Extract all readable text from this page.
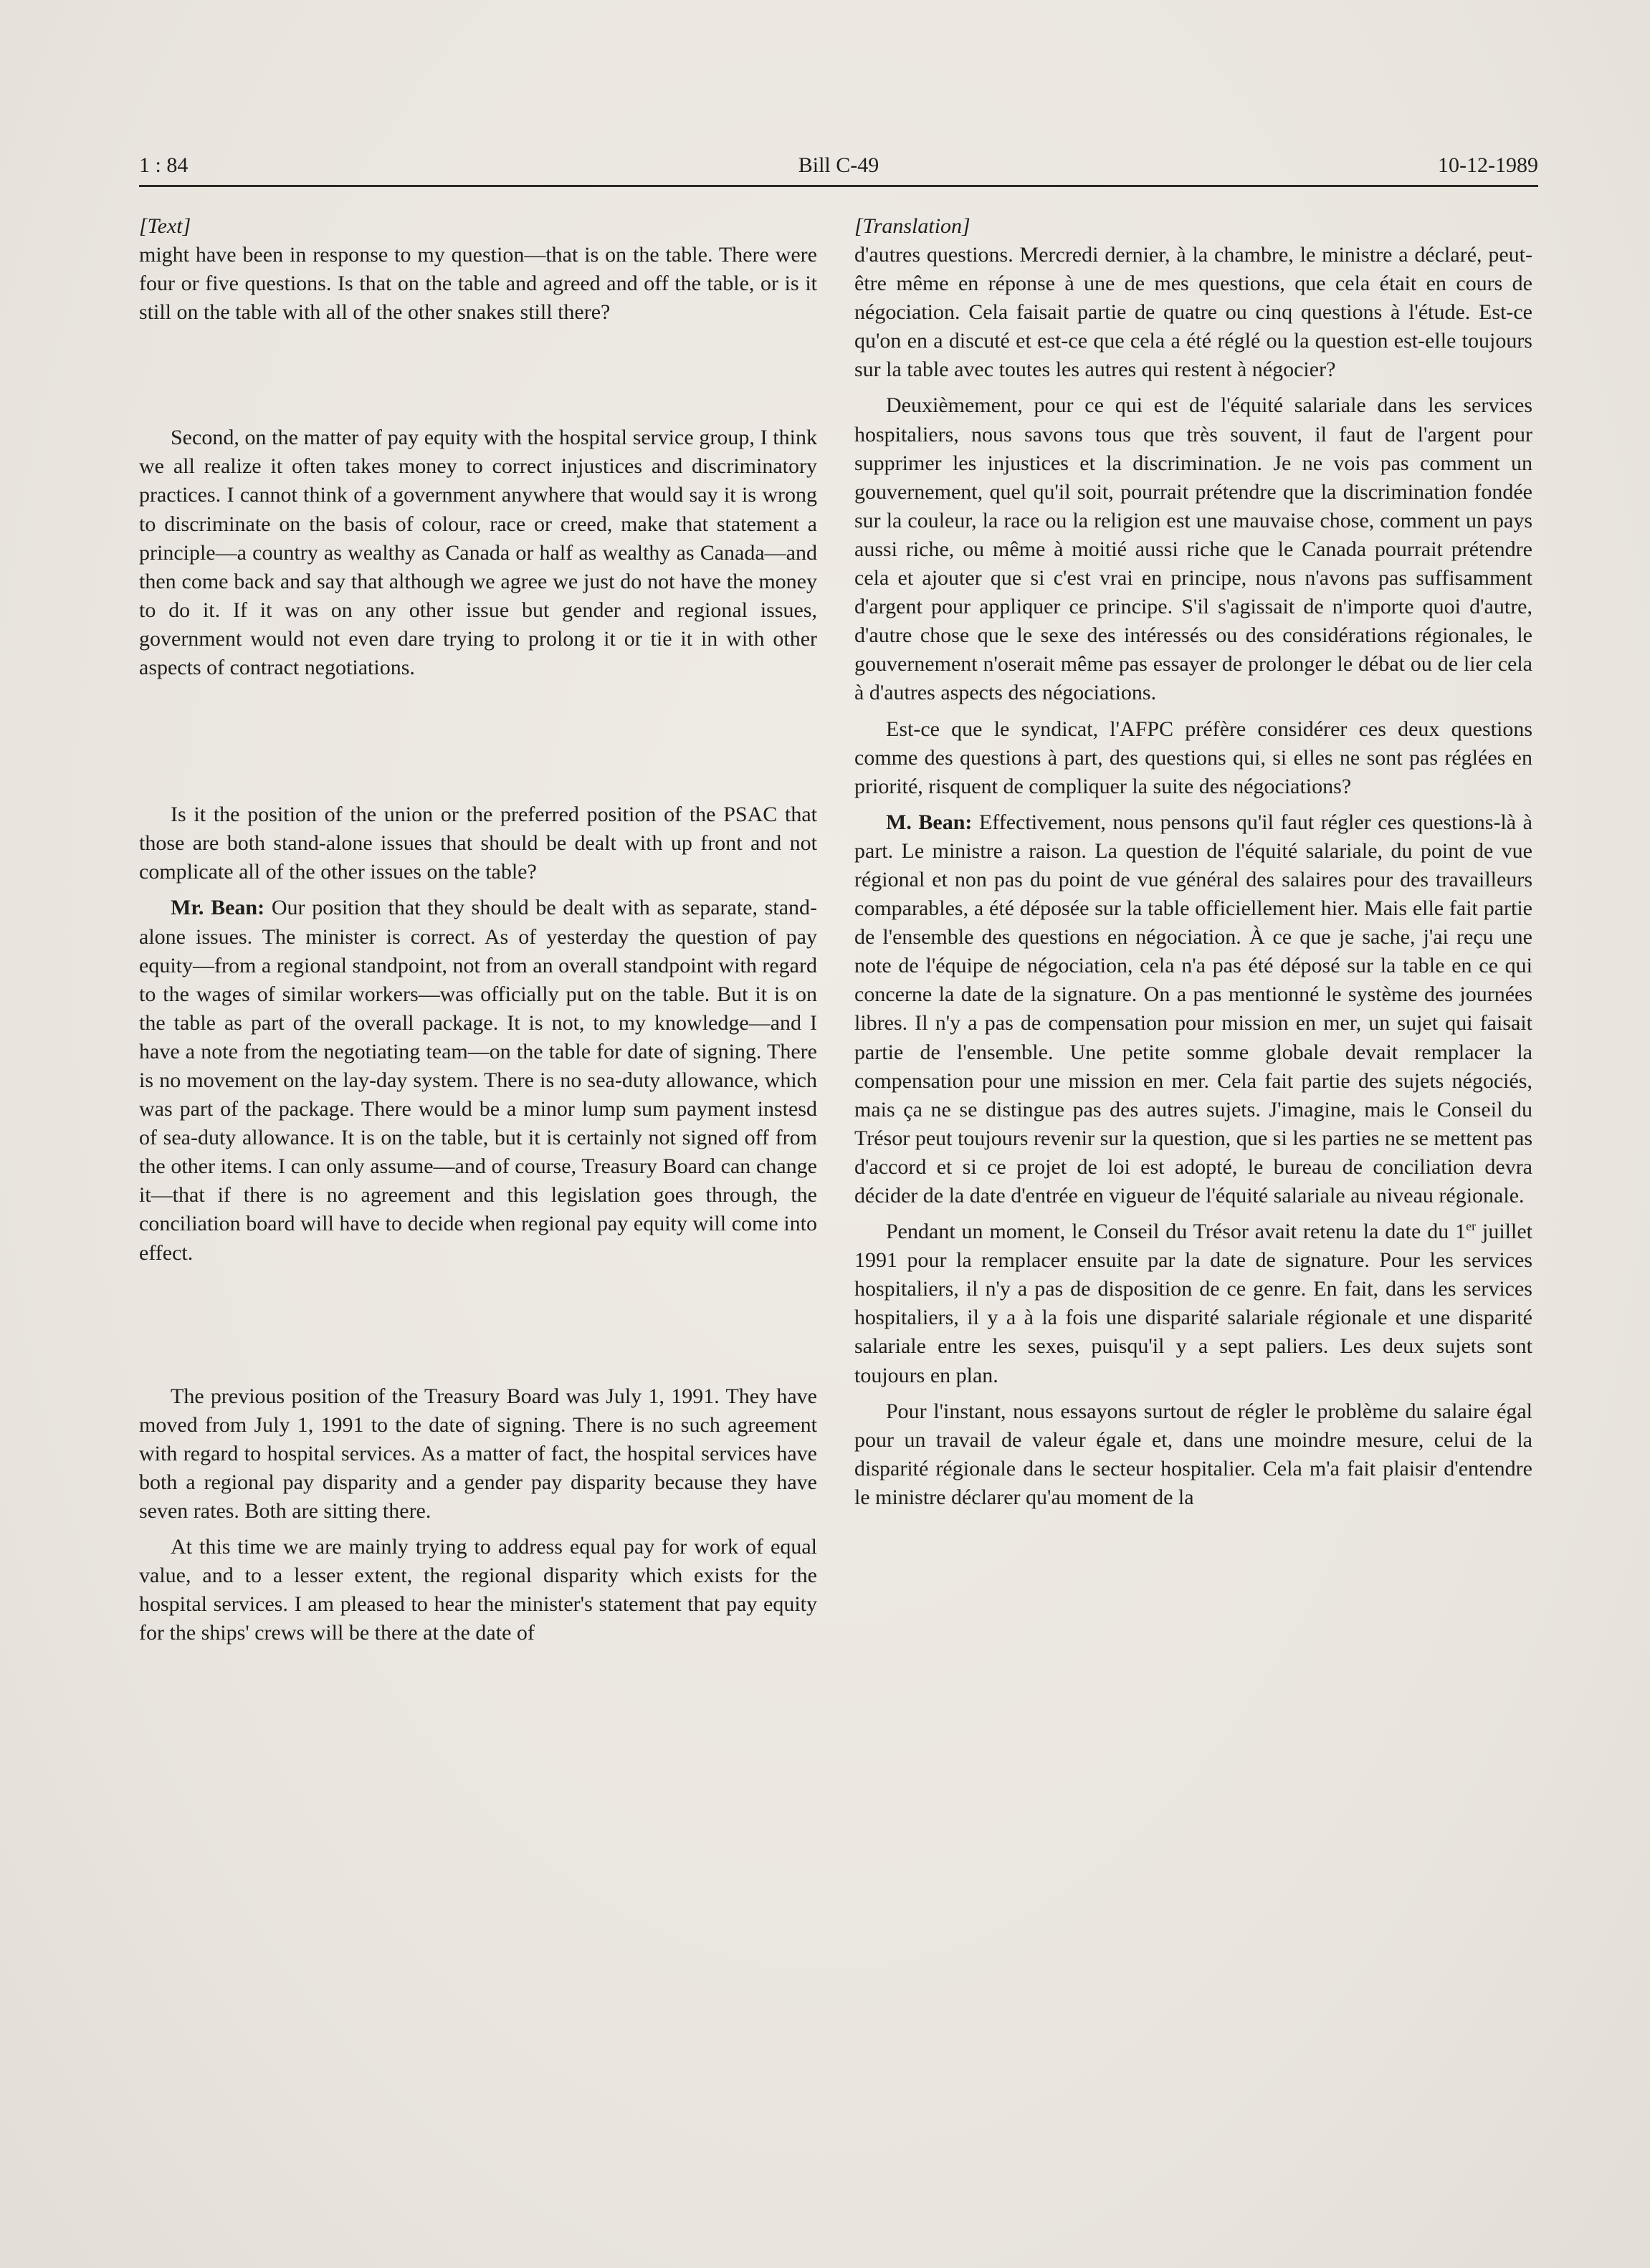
1 : 84	Bill C-49	10-12-1989

[Text]

might have been in response to my question—that is on the table. There were four or five questions. Is that on the table and agreed and off the table, or is it still on the table with all of the other snakes still there?

Second, on the matter of pay equity with the hospital service group, I think we all realize it often takes money to correct injustices and discriminatory practices. I cannot think of a government anywhere that would say it is wrong to discriminate on the basis of colour, race or creed, make that statement a principle—a country as wealthy as Canada or half as wealthy as Canada—and then come back and say that although we agree we just do not have the money to do it. If it was on any other issue but gender and regional issues, government would not even dare trying to prolong it or tie it in with other aspects of contract negotiations.

Is it the position of the union or the preferred position of the PSAC that those are both stand-alone issues that should be dealt with up front and not complicate all of the other issues on the table?

Mr. Bean: Our position that they should be dealt with as separate, stand-alone issues. The minister is correct. As of yesterday the question of pay equity—from a regional standpoint, not from an overall standpoint with regard to the wages of similar workers—was officially put on the table. But it is on the table as part of the overall package. It is not, to my knowledge—and I have a note from the negotiating team—on the table for date of signing. There is no movement on the lay-day system. There is no sea-duty allowance, which was part of the package. There would be a minor lump sum payment instesd of sea-duty allowance. It is on the table, but it is certainly not signed off from the other items. I can only assume—and of course, Treasury Board can change it—that if there is no agreement and this legislation goes through, the conciliation board will have to decide when regional pay equity will come into effect.

The previous position of the Treasury Board was July 1, 1991. They have moved from July 1, 1991 to the date of signing. There is no such agreement with regard to hospital services. As a matter of fact, the hospital services have both a regional pay disparity and a gender pay disparity because they have seven rates. Both are sitting there.

At this time we are mainly trying to address equal pay for work of equal value, and to a lesser extent, the regional disparity which exists for the hospital services. I am pleased to hear the minister's statement that pay equity for the ships' crews will be there at the date of

[Translation]

d'autres questions. Mercredi dernier, à la chambre, le ministre a déclaré, peut-être même en réponse à une de mes questions, que cela était en cours de négociation. Cela faisait partie de quatre ou cinq questions à l'étude. Est-ce qu'on en a discuté et est-ce que cela a été réglé ou la question est-elle toujours sur la table avec toutes les autres qui restent à négocier?

Deuxièmement, pour ce qui est de l'équité salariale dans les services hospitaliers, nous savons tous que très souvent, il faut de l'argent pour supprimer les injustices et la discrimination. Je ne vois pas comment un gouvernement, quel qu'il soit, pourrait prétendre que la discrimination fondée sur la couleur, la race ou la religion est une mauvaise chose, comment un pays aussi riche, ou même à moitié aussi riche que le Canada pourrait prétendre cela et ajouter que si c'est vrai en principe, nous n'avons pas suffisamment d'argent pour appliquer ce principe. S'il s'agissait de n'importe quoi d'autre, d'autre chose que le sexe des intéressés ou des considérations régionales, le gouvernement n'oserait même pas essayer de prolonger le débat ou de lier cela à d'autres aspects des négociations.

Est-ce que le syndicat, l'AFPC préfère considérer ces deux questions comme des questions à part, des questions qui, si elles ne sont pas réglées en priorité, risquent de compliquer la suite des négociations?

M. Bean: Effectivement, nous pensons qu'il faut régler ces questions-là à part. Le ministre a raison. La question de l'équité salariale, du point de vue régional et non pas du point de vue général des salaires pour des travailleurs comparables, a été déposée sur la table officiellement hier. Mais elle fait partie de l'ensemble des questions en négociation. À ce que je sache, j'ai reçu une note de l'équipe de négociation, cela n'a pas été déposé sur la table en ce qui concerne la date de la signature. On a pas mentionné le système des journées libres. Il n'y a pas de compensation pour mission en mer, un sujet qui faisait partie de l'ensemble. Une petite somme globale devait remplacer la compensation pour une mission en mer. Cela fait partie des sujets négociés, mais ça ne se distingue pas des autres sujets. J'imagine, mais le Conseil du Trésor peut toujours revenir sur la question, que si les parties ne se mettent pas d'accord et si ce projet de loi est adopté, le bureau de conciliation devra décider de la date d'entrée en vigueur de l'équité salariale au niveau régionale.

Pendant un moment, le Conseil du Trésor avait retenu la date du 1er juillet 1991 pour la remplacer ensuite par la date de signature. Pour les services hospitaliers, il n'y a pas de disposition de ce genre. En fait, dans les services hospitaliers, il y a à la fois une disparité salariale régionale et une disparité salariale entre les sexes, puisqu'il y a sept paliers. Les deux sujets sont toujours en plan.

Pour l'instant, nous essayons surtout de régler le problème du salaire égal pour un travail de valeur égale et, dans une moindre mesure, celui de la disparité régionale dans le secteur hospitalier. Cela m'a fait plaisir d'entendre le ministre déclarer qu'au moment de la
